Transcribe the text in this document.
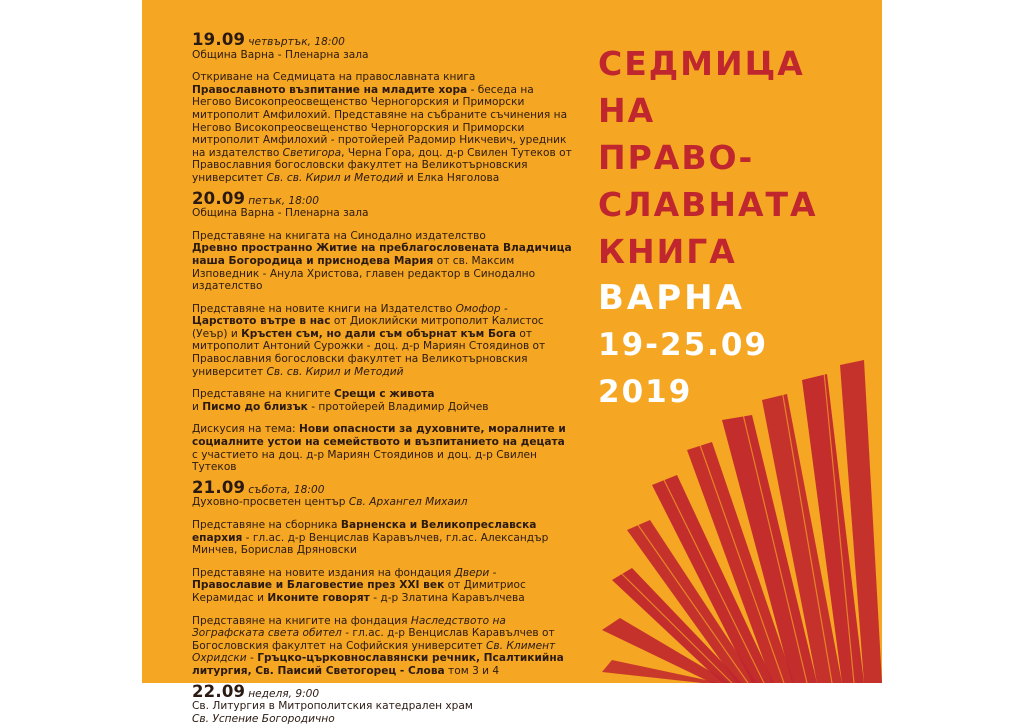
19.09 четвъртък, 18:00
Общинa Варна - Пленарна зала
Откриване на Седмицата на православната книга
Православното възпитание на младите хора - беседа на Негово Високопреосвещенство Черногорския и Приморски митрополит Амфилохий. Представяне на събраните съчинения на Негово Високопреосвещенство Черногорския и Приморски митрополит Амфилохий - протойерей Радомир Никчевич, уредник на издателство Светигора, Черна Гора, доц. д-р Свилен Тутеков от Православния богословски факултет на Великотърновския университет Св. св. Кирил и Методий и Елка Няголова
20.09 петък, 18:00
Общинa Варна - Пленарна зала
Представяне на книгата на Синодално издателство
Древно пространно Житие на преблагословената Владичица наша Богородица и приснодева Мария от св. Максим Изповедник - Анула Христова, главен редактор в Синодално издателство
Представяне на новите книги на Издателство Омофор - Царството вътре в нас от Диоклийски митрополит Калистос (Уеър) и Кръстен съм, но дали съм обърнат към Бога от митрополит Антоний Сурожки - доц. д-р Мариян Стоядинов от Православния богословски факултет на Великотърновския университет Св. св. Кирил и Методий
Представяне на книгите Срещи с живота
и Писмо до близък - протойерей Владимир Дойчев
Дискусия на тема: Нови опасности за духовните, моралните и социалните устои на семейството и възпитанието на децата с участието на доц. д-р Мариян Стоядинов и доц. д-р Свилен Тутеков
21.09 събота, 18:00
Духовно-просветен център Св. Архангел Михаил
Представяне на сборника Варненска и Великопреславска епархия - гл.ас. д-р Венцислав Каравълчев, гл.ас. Александър Минчев, Борислав Дряновски
Представяне на новите издания на фондация Двери - Православие и Благовестие през XXI век от Димитриос Керамидас и Иконите говорят - д-р Златина Каравълчева
Представяне на книгите на фондация Наследството на Зографската света обител - гл.ас. д-р Венцислав Каравълчев от Богословския факултет на Софийския университет Св. Климент Охридски - Гръцко-църковнославянски речник, Псалтикийна литургия, Св. Паисий Светогорец - Слова том 3 и 4
22.09 неделя, 9:00
Св. Литургия в Митрополитския катедрален храм
Св. Успение Богородично
СЕДМИЦА
НА
ПРАВО-
СЛАВНАТА
КНИГА
ВАРНА
19-25.09
2019
